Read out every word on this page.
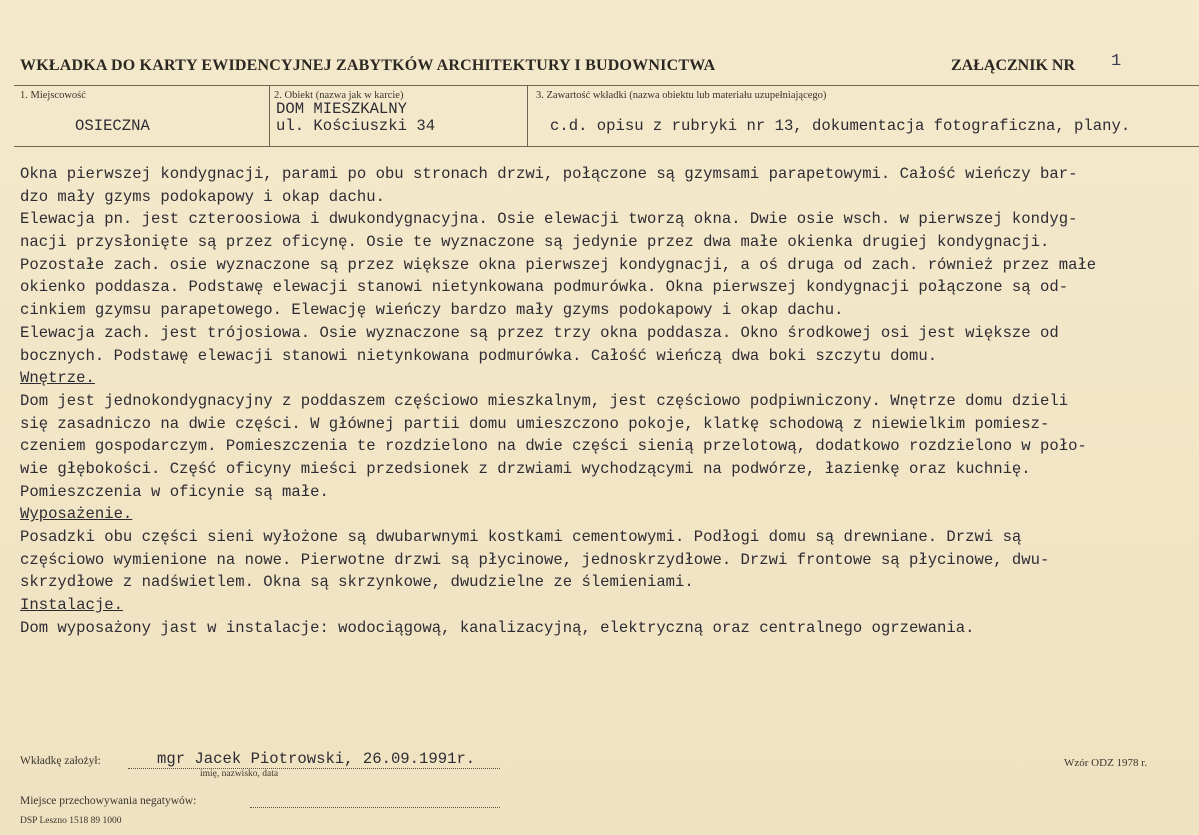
WKŁADKA DO KARTY EWIDENCYJNEJ ZABYTKÓW ARCHITEKTURY I BUDOWNICTWA	ZAŁĄCZNIK NR 1
1. Miejscowość
OSIECZNA
2. Obiekt (nazwa jak w karcie)
DOM MIESZKALNY
ul. Kościuszki 34
3. Zawartość wkładki (nazwa obiektu lub materiału uzupełniającego)
c.d. opisu z rubryki nr 13, dokumentacja fotograficzna, plany.
Okna pierwszej kondygnacji, parami po obu stronach drzwi, połączone są gzymsami parapetowymi. Całość wieńczy bar-
dzo mały gzyms podokapowy i okap dachu.
Elewacja pn. jest czteroosiowa i dwukondygnacyjna. Osie elewacji tworzą okna. Dwie osie wsch. w pierwszej kondyg-
nacji przysłonięte są przez oficynę. Osie te wyznaczone są jedynie przez dwa małe okienka drugiej kondygnacji.
Pozostałe zach. osie wyznaczone są przez większe okna pierwszej kondygnacji, a oś druga od zach. również przez małe
okienko poddasza. Podstawę elewacji stanowi nietynkowana podmurówka. Okna pierwszej kondygnacji połączone są od-
cinkiem gzymsu parapetowego. Elewację wieńczy bardzo mały gzyms podokapowy i okap dachu.
Elewacja zach. jest trójosiowa. Osie wyznaczone są przez trzy okna poddasza. Okno środkowej osi jest większe od
bocznych. Podstawę elewacji stanowi nietynkowana podmurówka. Całość wieńczą dwa boki szczytu domu.
Wnętrze.
Dom jest jednokondygnacyjny z poddaszem częściowo mieszkalnym, jest częściowo podpiwniczony. Wnętrze domu dzieli
się zasadniczo na dwie części. W głównej partii domu umieszczono pokoje, klatkę schodową z niewielkim pomiesz-
czeniem gospodarczym. Pomieszczenia te rozdzielono na dwie części sienią przelotową, dodatkowo rozdzielono w poło-
wie głębokości. Część oficyny mieści przedsionek z drzwiami wychodzącymi na podwórze, łazienkę oraz kuchnię.
Pomieszczenia w oficynie są małe.
Wyposażenie.
Posadzki obu części sieni wyłożone są dwubarwnymi kostkami cementowymi. Podłogi domu są drewniane. Drzwi są
częściowo wymienione na nowe. Pierwotne drzwi są płycinowe, jednoskrzydłowe. Drzwi frontowe są płycinowe, dwu-
skrzydłowe z nadświetlem. Okna są skrzynkowe, dwudzielne ze ślemieniami.
Instalacje.
Dom wyposażony jast w instalacje: wodociągową, kanalizacyjną, elektryczną oraz centralnego ogrzewania.
Wkładkę założył:	mgr Jacek Piotrowski, 26.09.1991r.
imię, nazwisko, data
Wzór ODZ 1978 r.
Miejsce przechowywania negatywów:
DSP Leszno 1518 89 1000
